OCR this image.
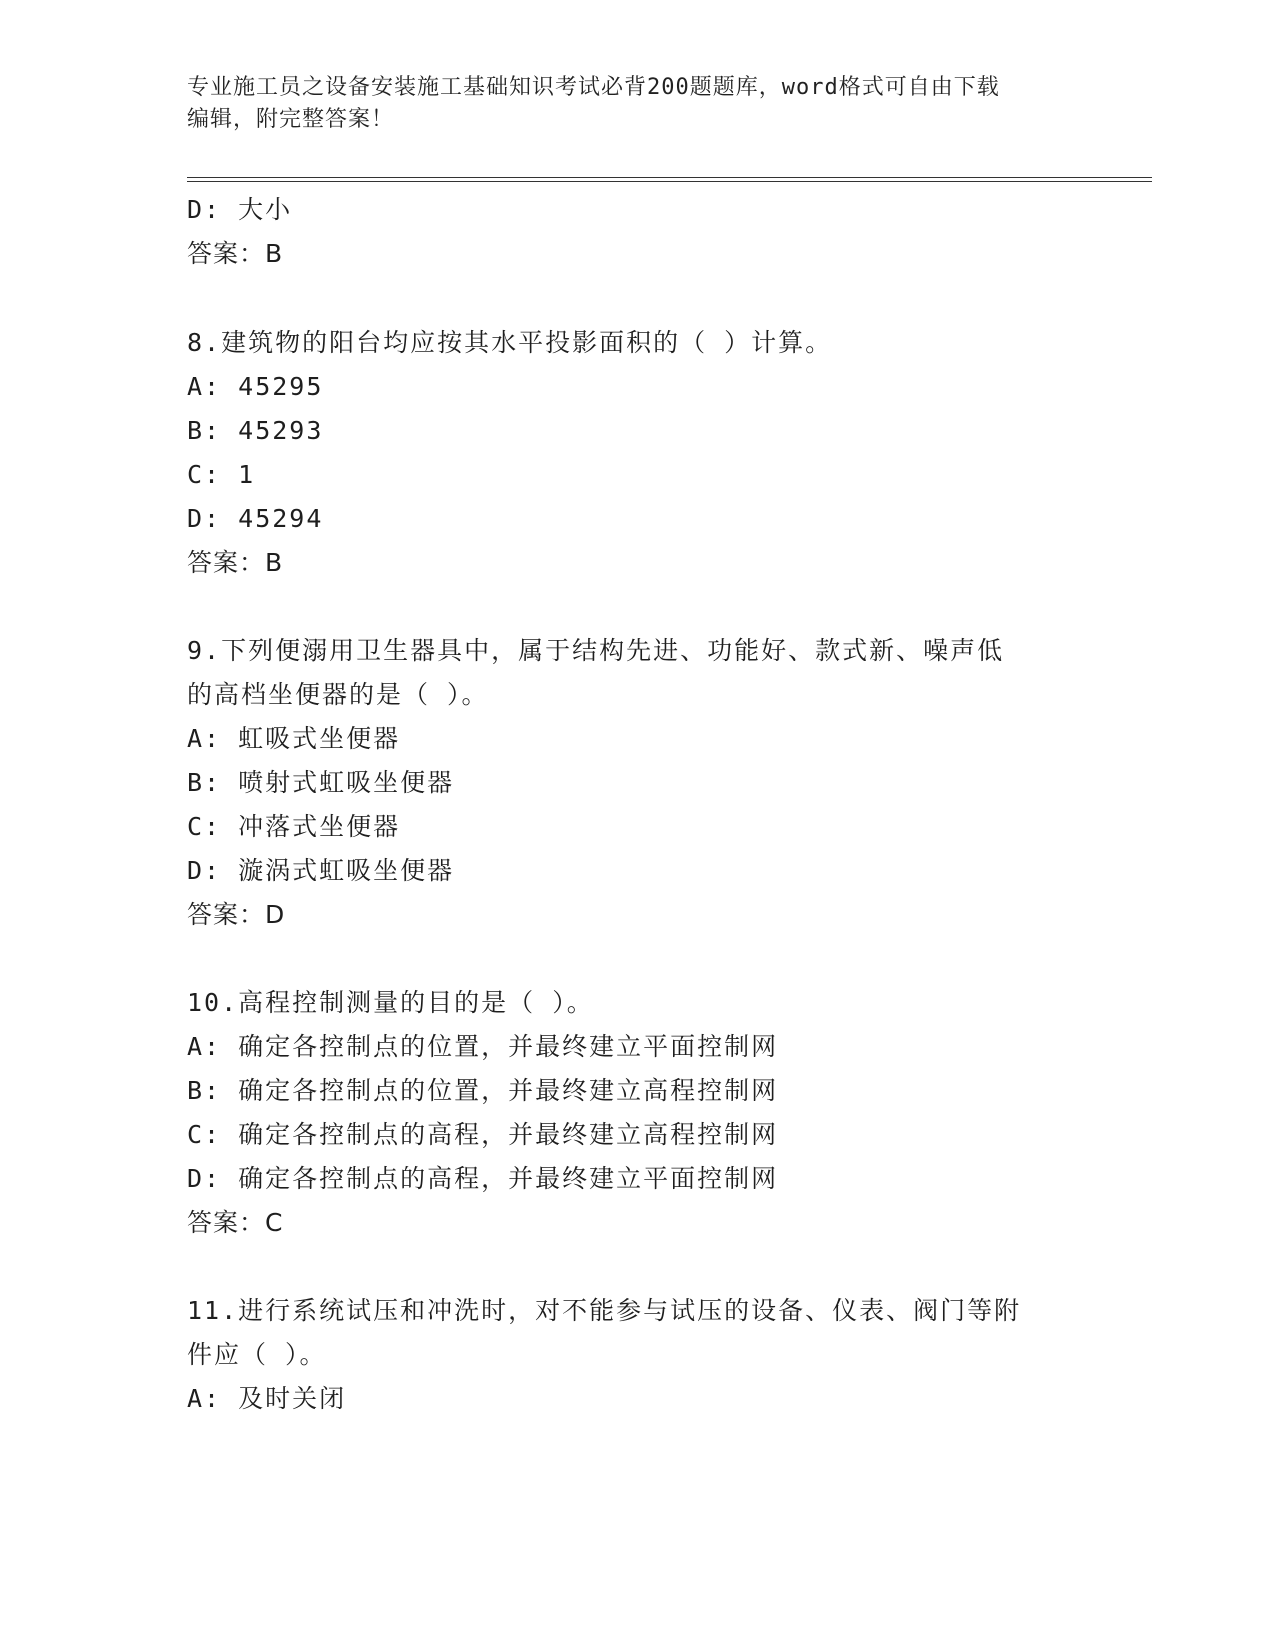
专业施工员之设备安装施工基础知识考试必背200题题库，word格式可自由下载
编辑，附完整答案！
D: 大小
答案：B
8.建筑物的阳台均应按其水平投影面积的（ ）计算。
A: 45295
B: 45293
C: 1
D: 45294
答案：B
9.下列便溺用卫生器具中，属于结构先进、功能好、款式新、噪声低
的高档坐便器的是（ ）。
A: 虹吸式坐便器
B: 喷射式虹吸坐便器
C: 冲落式坐便器
D: 漩涡式虹吸坐便器
答案：D
10.高程控制测量的目的是（ ）。
A: 确定各控制点的位置，并最终建立平面控制网
B: 确定各控制点的位置，并最终建立高程控制网
C: 确定各控制点的高程，并最终建立高程控制网
D: 确定各控制点的高程，并最终建立平面控制网
答案：C
11.进行系统试压和冲洗时，对不能参与试压的设备、仪表、阀门等附
件应（ ）。
A: 及时关闭
